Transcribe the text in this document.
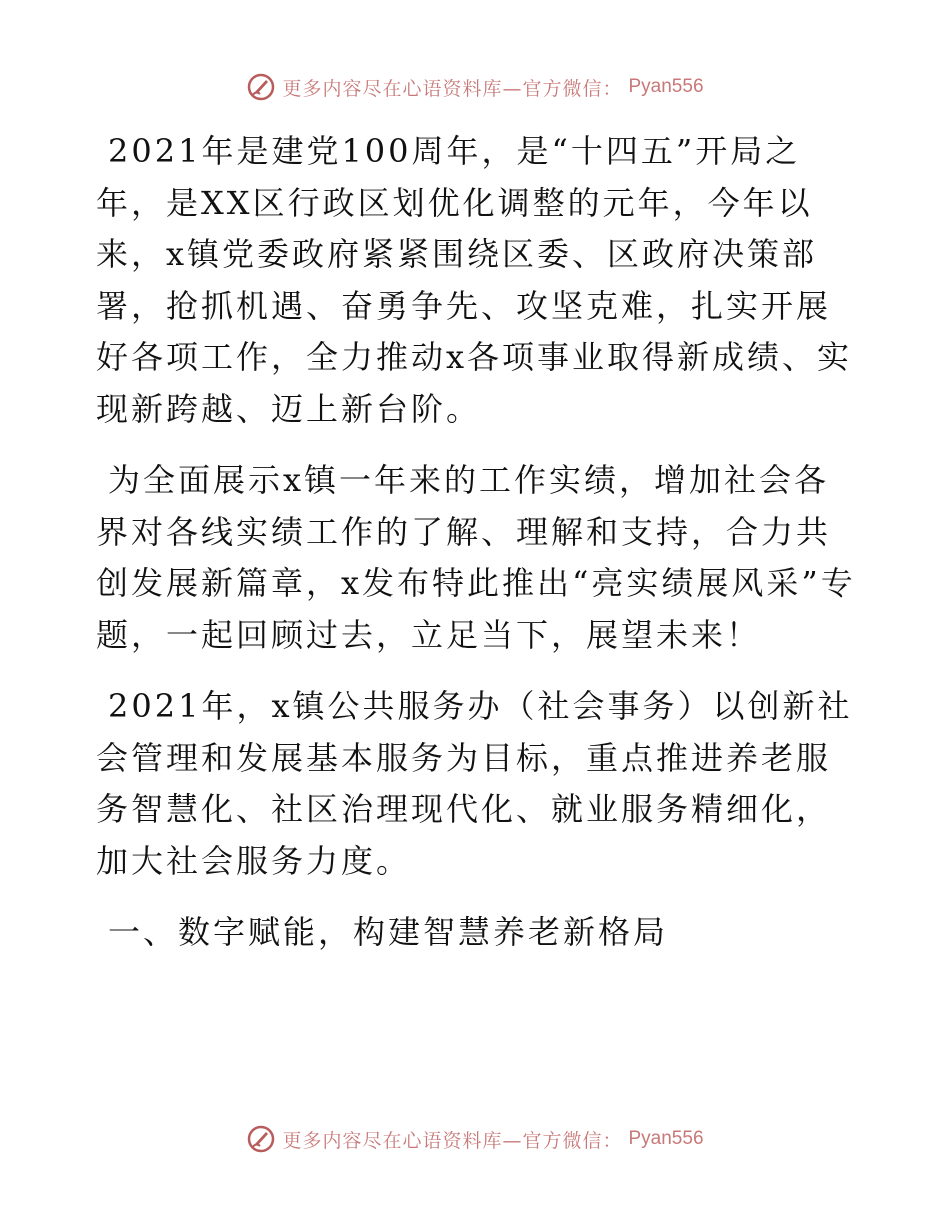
更多内容尽在心语资料库—官方微信： Pyan556

2021年是建党100周年，是“十四五”开局之年，是XX区行政区划优化调整的元年，今年以来，x镇党委政府紧紧围绕区委、区政府决策部署，抢抓机遇、奋勇争先、攻坚克难，扎实开展好各项工作，全力推动x各项事业取得新成绩、实现新跨越、迈上新台阶。

为全面展示x镇一年来的工作实绩，增加社会各界对各线实绩工作的了解、理解和支持，合力共创发展新篇章，x发布特此推出“亮实绩展风采”专题，一起回顾过去，立足当下，展望未来！

2021年，x镇公共服务办（社会事务）以创新社会管理和发展基本服务为目标，重点推进养老服务智慧化、社区治理现代化、就业服务精细化，加大社会服务力度。

一、数字赋能，构建智慧养老新格局

更多内容尽在心语资料库—官方微信： Pyan556
